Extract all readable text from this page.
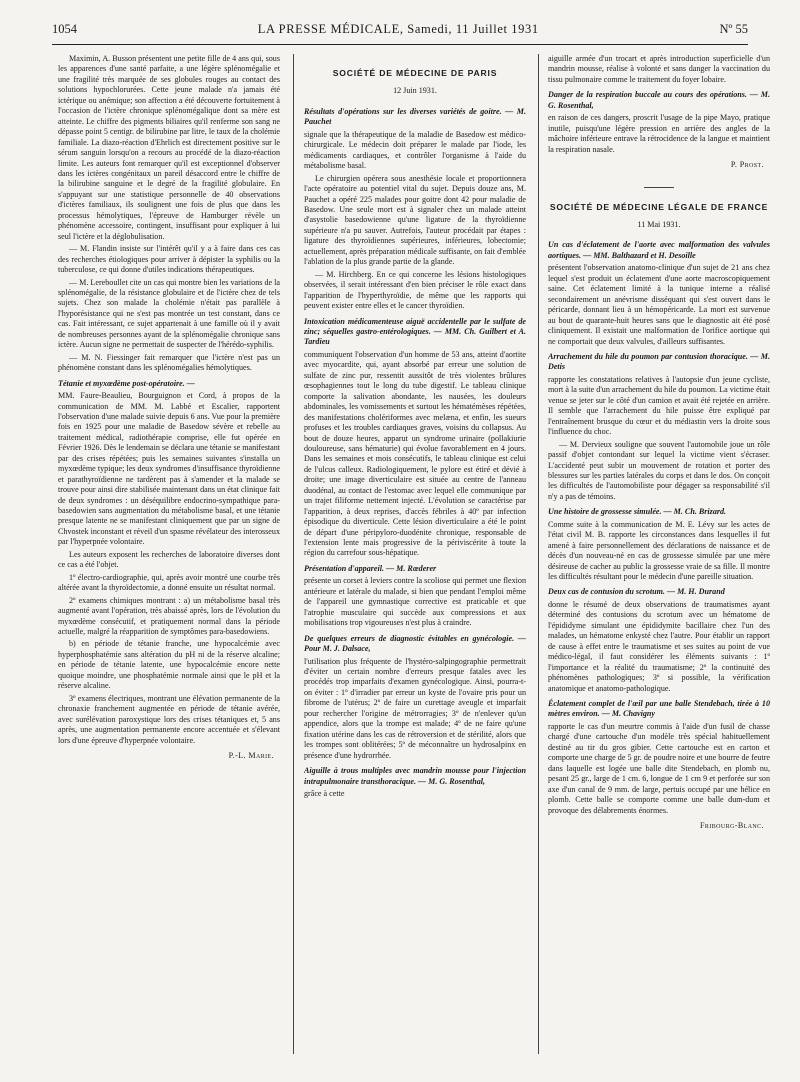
1054	LA PRESSE MÉDICALE, Samedi, 11 Juillet 1931	Nº 55

Maximin, A. Busson présentent une petite fille de 4 ans qui, sous les apparences d'une santé parfaite, a une légère splénomégalie et une fragilité très marquée de ses globules rouges au contact des solutions hypochlorurées. Cette jeune malade n'a jamais été ictérique ou anémique; son affection a été découverte fortuitement à l'occasion de l'ictère chronique splénomégalique dont sa mère est atteinte. Le chiffre des pigments biliaires qu'il renferme son sang ne dépasse point 5 centigr. de bilirubine par litre, le taux de la cholémie familiale. La diazo-réaction d'Ehrlich est directement positive sur le sérum sanguin lorsqu'on a recours au procédé de la diazo-réaction limite. Les auteurs font remarquer qu'il est exceptionnel d'observer dans les ictères congénitaux un pareil désaccord entre le chiffre de la bilirubine sanguine et le degré de la fragilité globulaire. En s'appuyant sur une statistique personnelle de 40 observations d'ictères familiaux, ils soulignent une fois de plus que dans les processus hémolytiques, l'épreuve de Hamburger révèle un phénomène accessoire, contingent, insuffisant pour expliquer à lui seul l'ictère et la déglobulisation.

— M. Flandin insiste sur l'intérêt qu'il y a à faire dans ces cas des recherches étiologiques pour arriver à dépister la syphilis ou la tuberculose, ce qui donne d'utiles indications thérapeutiques.

— M. Lereboullet cite un cas qui montre bien les variations de la splénomégalie, de la résistance globulaire et de l'ictère chez de tels sujets. Chez son malade la cholémie n'était pas parallèle à l'hyporésistance qui ne s'est pas montrée un test constant, dans ce cas. Fait intéressant, ce sujet appartenait à une famille où il y avait de nombreuses personnes ayant de la splénomégalie chronique sans ictère. Aucun signe ne permettait de suspecter de l'hérédo-syphilis.

— M. N. Fiessinger fait remarquer que l'ictère n'est pas un phénomène constant dans les splénomégalies hémolytiques.

Tétanie et myxœdème post-opératoire. —

MM. Faure-Beaulieu, Bourguignon et Cord, à propos de la communication de MM. M. Labbé et Escalier, rapportent l'observation d'une malade suivie depuis 6 ans. Vue pour la première fois en 1925 pour une maladie de Basedow sévère et rebelle au traitement médical, radiothérapie comprise, elle fut opérée en Février 1926. Dès le lendemain se déclara une tétanie se manifestant par des crises répétées; puis les semaines suivantes s'installa un myxœdème typique; les deux syndromes d'insuffisance thyroïdienne et parathyroïdienne ne tardèrent pas à s'amender et la malade se trouve pour ainsi dire stabilisée maintenant dans un état clinique fait de deux syndromes : un déséquilibre endocrino-sympathique para-basedowien sans augmentation du métabolisme basal, et une tétanie presque latente ne se manifestant cliniquement que par un signe de Chvostek inconstant et réveil d'un spasme révélateur des interosseux par l'hyperpnée volontaire.

Les auteurs exposent les recherches de laboratoire diverses dont ce cas a été l'objet.

1º électro-cardiographie, qui, après avoir montré une courbe très altérée avant la thyroïdectomie, a donné ensuite un résultat normal.

2º examens chimiques montrant : a) un métabolisme basal très augmenté avant l'opération, très abaissé après, lors de l'évolution du myxœdème consécutif, et pratiquement normal dans la période actuelle, malgré la réapparition de symptômes para-basedowiens.

b) en période de tétanie franche, une hypocalcémie avec hyperphosphatémie sans altération du pH ni de la réserve alcaline; en période de tétanie latente, une hypocalcémie encore nette quoique moindre, une phosphatémie normale ainsi que le pH et la réserve alcaline.

3º examens électriques, montrant une élévation permanente de la chronaxie franchement augmentée en période de tétanie avérée, avec surélévation paroxystique lors des crises tétaniques et, 5 ans après, une augmentation permanente encore accentuée et s'élevant lors d'une épreuve d'hyperpnée volontaire.

P.-L. Marie.

SOCIÉTÉ DE MÉDECINE DE PARIS

12 Juin 1931.

Résultats d'opérations sur les diverses variétés de goitre. — M. Pauchet

signale que la thérapeutique de la maladie de Basedow est médico-chirurgicale. Le médecin doit préparer le malade par l'iode, les médicaments cardiaques, et contrôler l'organisme à l'aide du métabolisme basal.

Le chirurgien opérera sous anesthésie locale et proportionnera l'acte opératoire au potentiel vital du sujet. Depuis douze ans, M. Pauchet a opéré 225 malades pour goitre dont 42 pour maladie de Basedow. Une seule mort est à signaler chez un malade atteint d'asystolie basedowienne qu'une ligature de la thyroïdienne supérieure n'a pu sauver. Autrefois, l'auteur procédait par étapes : ligature des thyroïdiennes supérieures, inférieures, lobectomie; actuellement, après préparation médicale suffisante, on fait d'emblée l'ablation de la plus grande partie de la glande.

— M. Hirchberg. En ce qui concerne les lésions histologiques observées, il serait intéressant d'en bien préciser le rôle exact dans l'apparition de l'hyperthyroïdie, de même que les rapports qui peuvent exister entre elles et le cancer thyroïdien.

Intoxication médicamenteuse aiguë accidentelle par le sulfate de zinc; séquelles gastro-entérologiques. — MM. Ch. Guilbert et A. Tardieu

communiquent l'observation d'un homme de 53 ans, atteint d'aortite avec myocardite, qui, ayant absorbé par erreur une solution de sulfate de zinc pur, ressentit aussitôt de très violentes brûlures œsophagiennes tout le long du tube digestif. Le tableau clinique comporte la salivation abondante, les nausées, les douleurs abdominales, les vomissements et surtout les hématémèses répétées, des manifestations cholériformes avec melæna, et enfin, les sueurs profuses et les troubles cardiaques graves, voisins du collapsus. Au bout de douze heures, apparut un syndrome urinaire (pollakiurie douloureuse, sans hématurie) qui évolue favorablement en 4 jours. Dans les semaines et mois consécutifs, le tableau clinique est celui de l'ulcus calleux. Radiologiquement, le pylore est étiré et dévié à droite; une image diverticulaire est située au centre de l'anneau duodénal, au contact de l'estomac avec lequel elle communique par un trajet filiforme nettement injecté. L'évolution se caractérise par l'apparition, à deux reprises, d'accès fébriles à 40º par infection épisodique du diverticule. Cette lésion diverticulaire a été le point de départ d'une péripyloro-duodénite chronique, responsable de l'extension lente mais progressive de la périviscérite à toute la région du carrefour sous-hépatique.

Présentation d'appareil. — M. Rœderer

présente un corset à leviers contre la scoliose qui permet une flexion antérieure et latérale du malade, si bien que pendant l'emploi même de l'appareil une gymnastique corrective est praticable et que l'atrophie musculaire qui succède aux compressions et aux mobilisations trop vigoureuses n'est plus à craindre.

De quelques erreurs de diagnostic évitables en gynécologie. — Pour M. J. Dalsace,

l'utilisation plus fréquente de l'hystéro-salpingographie permettrait d'éviter un certain nombre d'erreurs presque fatales avec les procédés trop imparfaits d'examen gynécologique. Ainsi, pourra-t-on éviter : 1º d'irradier par erreur un kyste de l'ovaire pris pour un fibrome de l'utérus; 2º de faire un curettage aveugle et imparfait pour rechercher l'origine de métrorragies; 3º de n'enlever qu'un appendice, alors que la trompe est malade; 4º de ne faire qu'une fixation utérine dans les cas de rétroversion et de stérilité, alors que les trompes sont oblitérées; 5º de méconnaître un hydrosalpinx en présence d'une hydrorrhée.

Aiguille à trous multiples avec mandrin mousse pour l'injection intrapulmonaire transthoracique. — M. G. Rosenthal,

grâce à cette

aiguille armée d'un trocart et après introduction superficielle d'un mandrin mousse, réalise à volonté et sans danger la vaccination du tissu pulmonaire comme le traitement du foyer lobaire.

Danger de la respiration buccale au cours des opérations. — M. G. Rosenthal,

en raison de ces dangers, proscrit l'usage de la pipe Mayo, pratique inutile, puisqu'une légère pression en arrière des angles de la mâchoire inférieure entrave la rétrocidence de la langue et maintient la respiration nasale.

P. Prost.

SOCIÉTÉ DE MÉDECINE LÉGALE DE FRANCE

11 Mai 1931.

Un cas d'éclatement de l'aorte avec malformation des valvules aortiques. — MM. Balthazard et H. Desoille

présentent l'observation anatomo-clinique d'un sujet de 21 ans chez lequel s'est produit un éclatement d'une aorte macroscopiquement saine. Cet éclatement limité à la tunique interne a réalisé secondairement un anévrisme disséquant qui s'est ouvert dans le péricarde, donnant lieu à un hémopéricarde. La mort est survenue au bout de quarante-huit heures sans que le diagnostic ait été posé cliniquement. Il existait une malformation de l'orifice aortique qui ne comportait que deux valvules, d'ailleurs suffisantes.

Arrachement du hile du poumon par contusion thoracique. — M. Detis

rapporte les constatations relatives à l'autopsie d'un jeune cycliste, mort à la suite d'un arrachement du hile du poumon. La victime était venue se jeter sur le côté d'un camion et avait été rejetée en arrière. Il semble que l'arrachement du hile puisse être expliqué par l'entraînement brusque du cœur et du médiastin vers la droite sous l'influence du choc.

— M. Dervieux souligne que souvent l'automobile joue un rôle passif d'objet contondant sur lequel la victime vient s'écraser. L'accidenté peut subir un mouvement de rotation et porter des blessures sur les parties latérales du corps et dans le dos. On conçoit les difficultés de l'automobiliste pour dégager sa responsabilité s'il n'y a pas de témoins.

Une histoire de grossesse simulée. — M. Ch. Brizard.

Comme suite à la communication de M. E. Lévy sur les actes de l'état civil M. B. rapporte les circonstances dans lesquelles il fut amené à faire personnellement des déclarations de naissance et de décès d'un nouveau-né en cas de grossesse simulée par une mère désireuse de cacher au public la grossesse vraie de sa fille. Il montre les difficultés résultant pour le médecin d'une pareille situation.

Deux cas de contusion du scrotum. — M. H. Durand

donne le résumé de deux observations de traumatismes ayant déterminé des contusions du scrotum avec un hématome de l'épididyme simulant une épididymite bacillaire chez l'un des malades, un hématome enkysté chez l'autre. Pour établir un rapport de cause à effet entre le traumatisme et ses suites au point de vue médico-légal, il faut considérer les éléments suivants : 1º l'importance et la réalité du traumatisme; 2º la continuité des phénomènes pathologiques; 3º si possible, la vérification anatomique et anatomo-pathologique.

Éclatement complet de l'œil par une balle Stendebach, tirée à 10 mètres environ. — M. Chavigny

rapporte le cas d'un meurtre commis à l'aide d'un fusil de chasse chargé d'une cartouche d'un modèle très spécial habituellement destiné au tir du gros gibier. Cette cartouche est en carton et comporte une charge de 5 gr. de poudre noire et une bourre de feutre dans laquelle est logée une balle dite Stendebach, en plomb nu, pesant 25 gr., large de 1 cm. 6, longue de 1 cm 9 et perforée sur son axe d'un canal de 9 mm. de large, pertuis occupé par une hélice en plomb. Cette balle se comporte comme une balle dum-dum et provoque des délabrements énormes.

Fribourg-Blanc.
